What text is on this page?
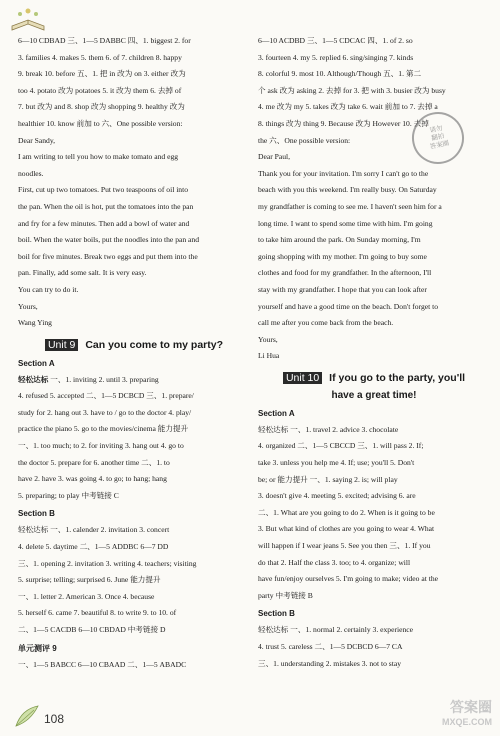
6—10 CDBAD 三、1—5 DABBC 四、1. biggest 2. for
3. families 4. makes 5. them 6. of 7. children 8. happy
9. break 10. before 五、1. 把 in 改为 on 3. either 改为
too 4. potato 改为 potatoes 5. it 改为 them 6. 去掉 of
7. but 改为 and 8. shop 改为 shopping 9. healthy 改为
healthier 10. know 前加 to 六、One possible version:
Dear Sandy,
I am writing to tell you how to make tomato and egg
noodles.
First, cut up two tomatoes. Put two teaspoons of oil into
the pan. When the oil is hot, put the tomatoes into the pan
and fry for a few minutes. Then add a bowl of water and
boil. When the water boils, put the noodles into the pan and
boil for five minutes. Break two eggs and put them into the
pan. Finally, add some salt. It is very easy.
You can try to do it.
Yours,
Wang Ying
Unit 9 Can you come to my party?
Section A
轻松达标 一、1. inviting 2. until 3. preparing
4. refused 5. accepted 二、1—5 DCBCD 三、1. prepare/
study for 2. hang out 3. have to / go to the doctor 4. play/
practice the piano 5. go to the movies/cinema 能力提升
一、1. too much; to 2. for inviting 3. hang out 4. go to
the doctor 5. prepare for 6. another time 二、1. to
have 2. have 3. was going 4. to go; to hang; hang
5. preparing; to play 中考链接 C
Section B
轻松达标 一、1. calender 2. invitation 3. concert
4. delete 5. daytime 二、1—5 ADDBC 6—7 DD
三、1. opening 2. invitation 3. writing 4. teachers; visiting
5. surprise; telling; surprised 6. June 能力提升
一、1. letter 2. American 3. Once 4. because
5. herself 6. came 7. beautiful 8. to write 9. to 10. of
二、1—5 CACDB 6—10 CBDAD 中考链接 D
单元测评 9
一、1—5 BABCC 6—10 CBAAD 二、1—5 ABADC
6—10 ACDBD 三、1—5 CDCAC 四、1. of 2. so
3. fourteen 4. my 5. replied 6. sing/singing 7. kinds
8. colorful 9. most 10. Although/Though 五、1. 第二
个 ask 改为 asking 2. 去掉 for 3. 把 with 3. busier 改为 busy
4. me 改为 my 5. takes 改为 take 6. wait 前加 to 7. 去掉 a
8. things 改为 thing 9. Because 改为 However 10. 去掉
the 六、One possible version:
Dear Paul,
Thank you for your invitation. I'm sorry I can't go to the
beach with you this weekend. I'm really busy. On Saturday
my grandfather is coming to see me. I haven't seen him for a
long time. I want to spend some time with him. I'm going
to take him around the park. On Sunday morning, I'm
going shopping with my mother. I'm going to buy some
clothes and food for my grandfather. In the afternoon, I'll
stay with my grandfather. I hope that you can look after
yourself and have a good time on the beach. Don't forget to
call me after you come back from the beach.
Yours,
Li Hua
Unit 10 If you go to the party, you'll
have a great time!
Section A
轻松达标 一、1. travel 2. advice 3. chocolate
4. organized 二、1—5 CBCCD 三、1. will pass 2. If;
take 3. unless you help me 4. If; use; you'll 5. Don't
be; or 能力提升 一、1. saying 2. is; will play
3. doesn't give 4. meeting 5. excited; advising 6. are
二、1. What are you going to do 2. When is it going to be
3. But what kind of clothes are you going to wear 4. What
will happen if I wear jeans 5. See you then 三、1. If you
do that 2. Half the class 3. too; to 4. organize; will
have fun/enjoy ourselves 5. I'm going to make; video at the
party 中考链接 B
Section B
轻松达标 一、1. normal 2. certainly 3. experience
4. trust 5. careless 二、1—5 DCBCD 6—7 CA
三、1. understanding 2. mistakes 3. not to stay
请勿
翻拍
答案圈
108
答案圈
MXQE.COM
